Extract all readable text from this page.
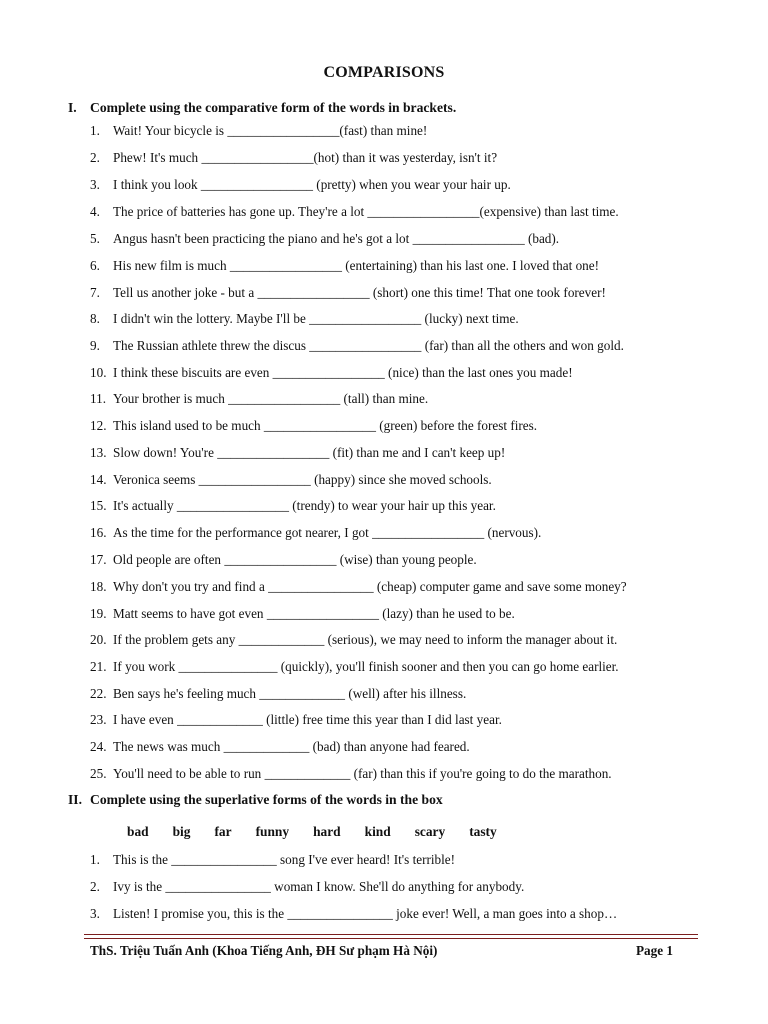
COMPARISONS
I. Complete using the comparative form of the words in brackets.
1. Wait! Your bicycle is _________________(fast) than mine!
2. Phew! It's much _________________(hot) than it was yesterday, isn't it?
3. I think you look _________________ (pretty) when you wear your hair up.
4. The price of batteries has gone up. They're a lot _________________(expensive) than last time.
5. Angus hasn't been practicing the piano and he's got a lot _________________ (bad).
6. His new film is much _________________ (entertaining) than his last one. I loved that one!
7. Tell us another joke - but a _________________ (short) one this time! That one took forever!
8. I didn't win the lottery. Maybe I'll be _________________ (lucky) next time.
9. The Russian athlete threw the discus _________________ (far) than all the others and won gold.
10. I think these biscuits are even _________________ (nice) than the last ones you made!
11. Your brother is much _________________ (tall) than mine.
12. This island used to be much _________________ (green) before the forest fires.
13. Slow down! You're _________________ (fit) than me and I can't keep up!
14. Veronica seems _________________ (happy) since she moved schools.
15. It's actually _________________ (trendy) to wear your hair up this year.
16. As the time for the performance got nearer, I got _________________ (nervous).
17. Old people are often _________________ (wise) than young people.
18. Why don't you try and find a ________________ (cheap) computer game and save some money?
19. Matt seems to have got even _________________ (lazy) than he used to be.
20. If the problem gets any _____________ (serious), we may need to inform the manager about it.
21. If you work _______________ (quickly), you'll finish sooner and then you can go home earlier.
22. Ben says he's feeling much _____________ (well) after his illness.
23. I have even _____________ (little) free time this year than I did last year.
24. The news was much _____________ (bad) than anyone had feared.
25. You'll need to be able to run _____________ (far) than this if you're going to do the marathon.
II. Complete using the superlative forms of the words in the box
bad big far funny hard kind scary tasty
1. This is the ________________ song I've ever heard! It's terrible!
2. Ivy is the ________________ woman I know. She'll do anything for anybody.
3. Listen! I promise you, this is the ________________ joke ever! Well, a man goes into a shop…
ThS. Triệu Tuấn Anh (Khoa Tiếng Anh, ĐH Sư phạm Hà Nội)	Page 1
